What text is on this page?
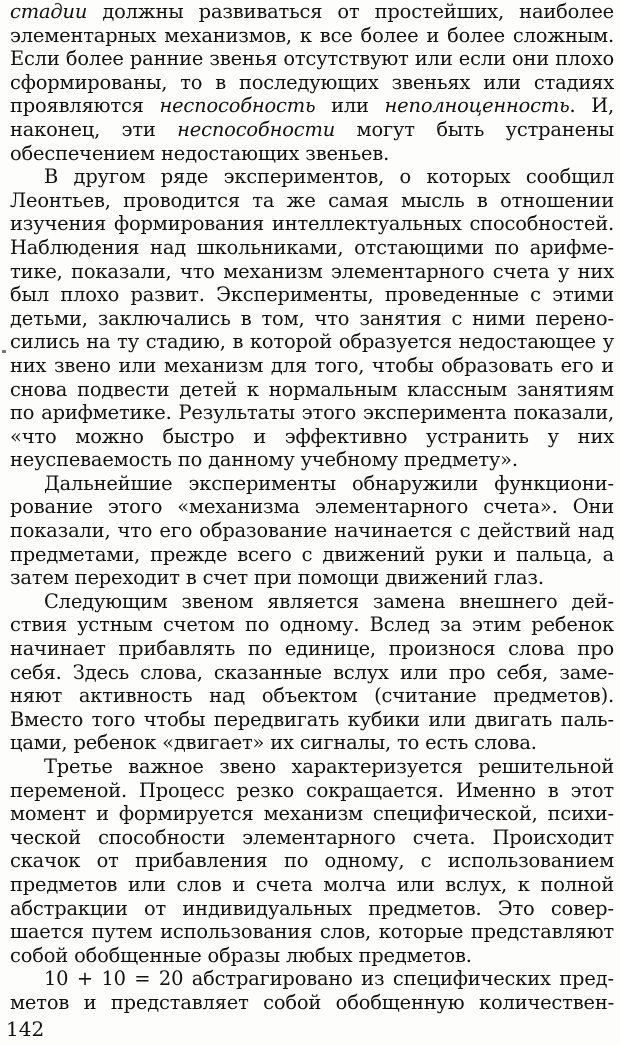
стадии должны развиваться от простейших, наиболее элементарных механизмов, к все более и более сложным. Если более ранние звенья отсутствуют или если они плохо сформированы, то в последующих звеньях или стадиях проявляются неспособность или неполноценность. И, наконец, эти неспособности могут быть устранены обеспечением недостающих звеньев.

В другом ряде экспериментов, о которых сообщил Леонтьев, проводится та же самая мысль в отношении изучения формирования интеллектуальных способностей. Наблюдения над школьниками, отстающими по арифметике, показали, что механизм элементарного счета у них был плохо развит. Эксперименты, проведенные с этими детьми, заключались в том, что занятия с ними переносились на ту стадию, в которой образуется недостающее у них звено или механизм для того, чтобы образовать его и снова подвести детей к нормальным классным занятиям по арифметике. Результаты этого эксперимента показали, «что можно быстро и эффективно устранить у них неуспеваемость по данному учебному предмету».

Дальнейшие эксперименты обнаружили функционирование этого «механизма элементарного счета». Они показали, что его образование начинается с действий над предметами, прежде всего с движений руки и пальца, а затем переходит в счет при помощи движений глаз.

Следующим звеном является замена внешнего действия устным счетом по одному. Вслед за этим ребенок начинает прибавлять по единице, произнося слова про себя. Здесь слова, сказанные вслух или про себя, заменяют активность над объектом (считание предметов). Вместо того чтобы передвигать кубики или двигать пальцами, ребенок «двигает» их сигналы, то есть слова.

Третье важное звено характеризуется решительной переменой. Процесс резко сокращается. Именно в этот момент и формируется механизм специфической, психической способности элементарного счета. Происходит скачок от прибавления по одному, с использованием предметов или слов и счета молча или вслух, к полной абстракции от индивидуальных предметов. Это совершается путем использования слов, которые представляют собой обобщенные образы любых предметов.

10 + 10 = 20 абстрагировано из специфических предметов и представляет собой обобщенную количествен-

142
